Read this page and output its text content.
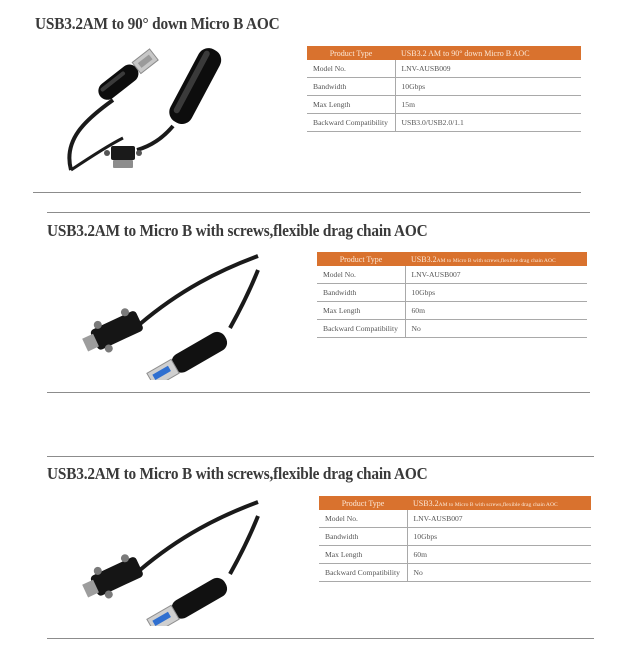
USB3.2AM to 90° down Micro B AOC
Product Type	USB3.2 AM to 90° down Micro B AOC
Model No.	LNV-AUSB009
Bandwidth	10Gbps
Max Length	15m
Backward Compatibility	USB3.0/USB2.0/1.1
USB3.2AM to Micro B with screws,flexible drag chain AOC
Product Type	USB3.2AM to Micro B with screws,flexible drag chain AOC
Model No.	LNV-AUSB007
Bandwidth	10Gbps
Max Length	60m
Backward Compatibility	No
USB3.2AM to Micro B with screws,flexible drag chain AOC
Product Type	USB3.2AM to Micro B with screws,flexible drag chain AOC
Model No.	LNV-AUSB007
Bandwidth	10Gbps
Max Length	60m
Backward Compatibility	No
